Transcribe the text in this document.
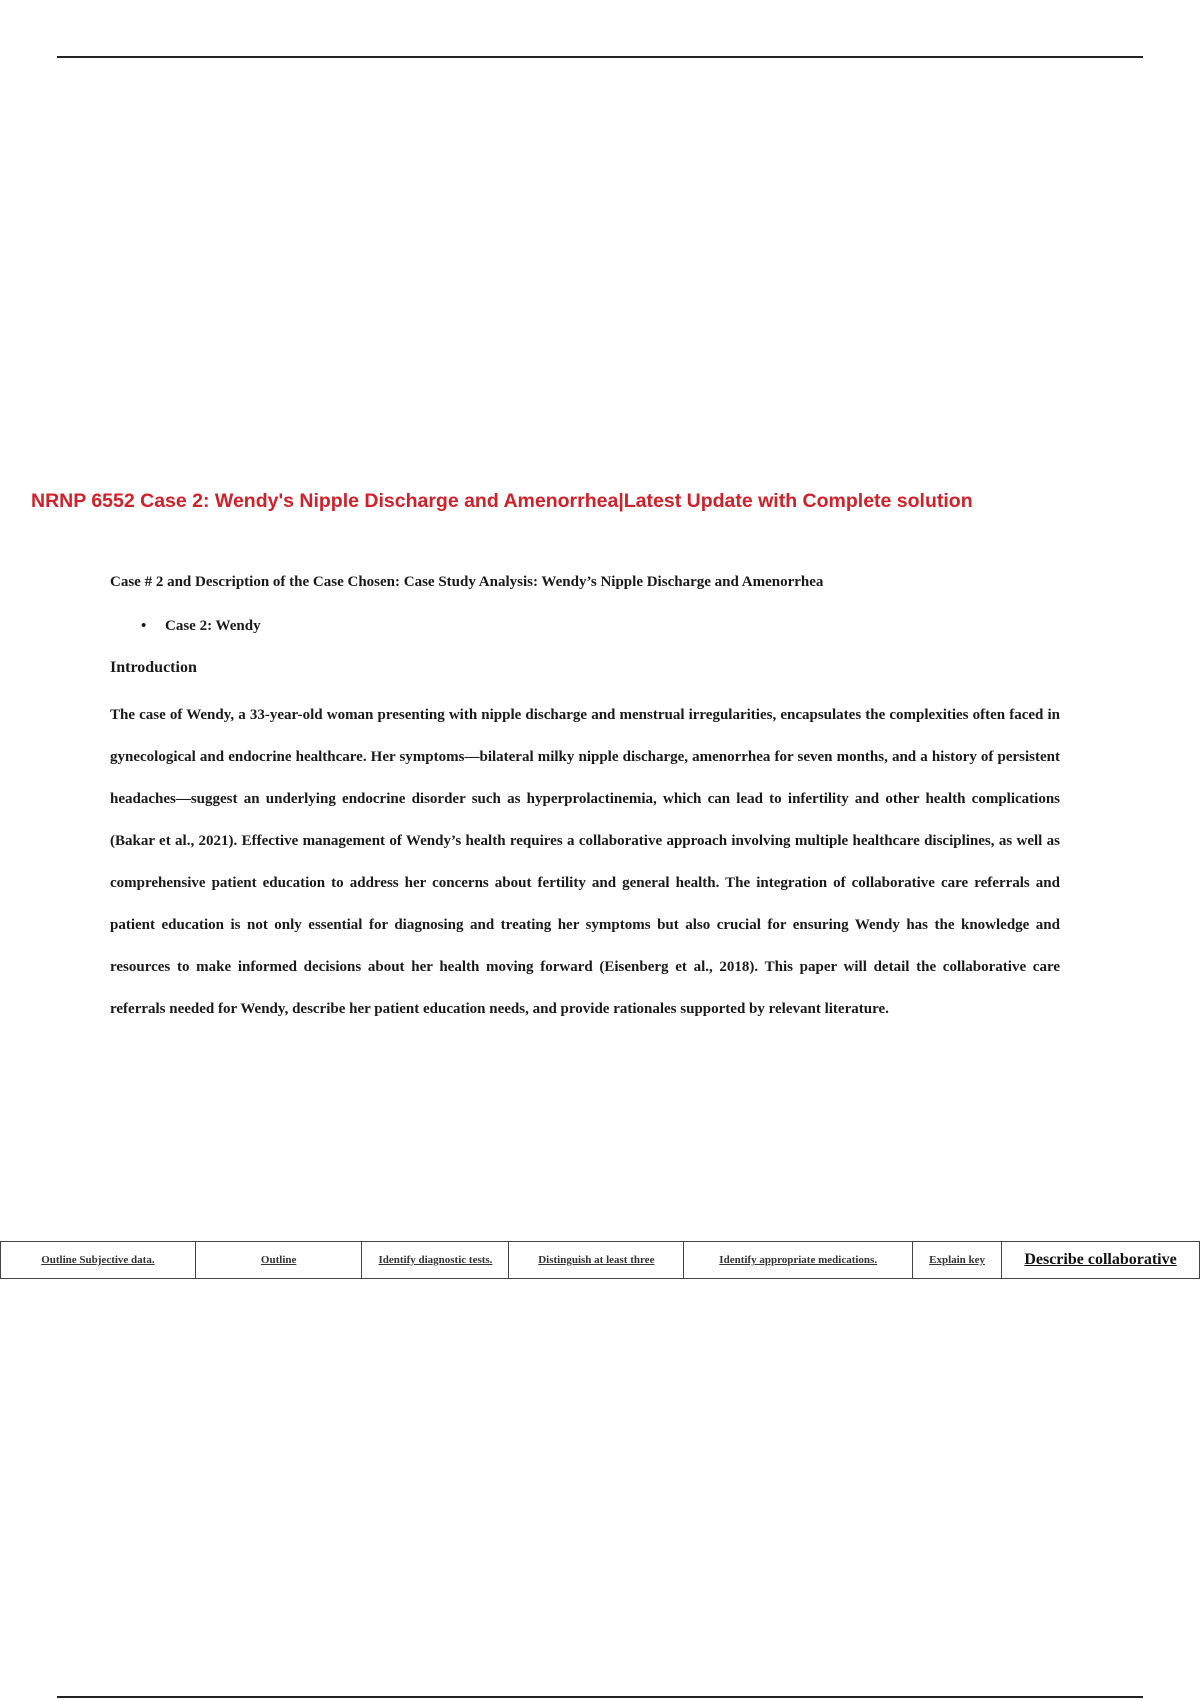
NRNP 6552 Case 2: Wendy's Nipple Discharge and Amenorrhea|Latest Update with Complete solution

Case # 2 and Description of the Case Chosen: Case Study Analysis: Wendy’s Nipple Discharge and Amenorrhea

• Case 2: Wendy

Introduction

The case of Wendy, a 33-year-old woman presenting with nipple discharge and menstrual irregularities, encapsulates the complexities often faced in gynecological and endocrine healthcare. Her symptoms—bilateral milky nipple discharge, amenorrhea for seven months, and a history of persistent headaches—suggest an underlying endocrine disorder such as hyperprolactinemia, which can lead to infertility and other health complications (Bakar et al., 2021). Effective management of Wendy’s health requires a collaborative approach involving multiple healthcare disciplines, as well as comprehensive patient education to address her concerns about fertility and general health. The integration of collaborative care referrals and patient education is not only essential for diagnosing and treating her symptoms but also crucial for ensuring Wendy has the knowledge and resources to make informed decisions about her health moving forward (Eisenberg et al., 2018). This paper will detail the collaborative care referrals needed for Wendy, describe her patient education needs, and provide rationales supported by relevant literature.

Outline Subjective data.	Outline	Identify diagnostic tests.	Distinguish at least three	Identify appropriate medications.	Explain key	Describe collaborative
